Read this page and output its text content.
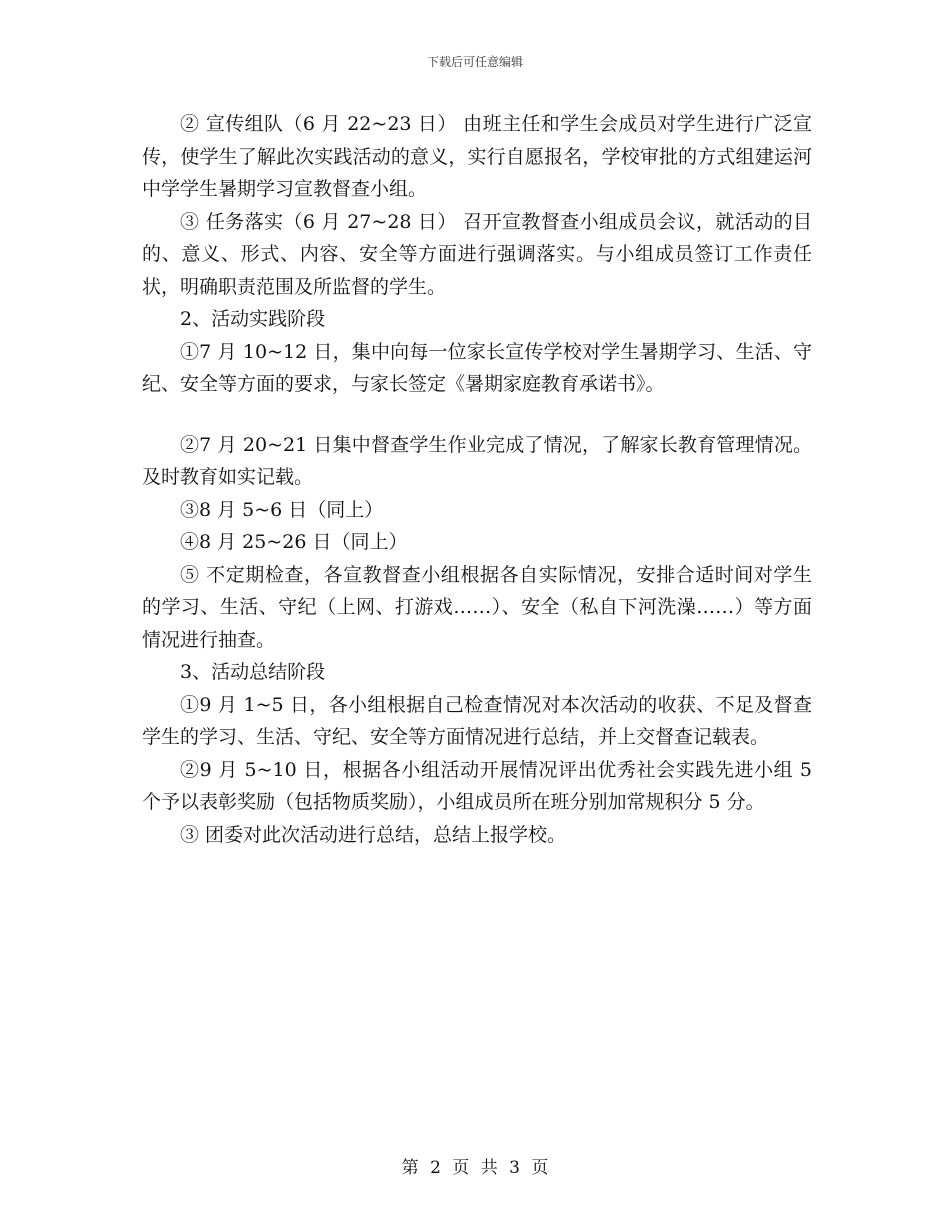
下载后可任意编辑

② 宣传组队（6 月 22~23 日） 由班主任和学生会成员对学生进行广泛宣传，使学生了解此次实践活动的意义，实行自愿报名，学校审批的方式组建运河中学学生暑期学习宣教督查小组。

③ 任务落实（6 月 27~28 日） 召开宣教督查小组成员会议，就活动的目的、意义、形式、内容、安全等方面进行强调落实。与小组成员签订工作责任状，明确职责范围及所监督的学生。

2、活动实践阶段

①7 月 10~12 日，集中向每一位家长宣传学校对学生暑期学习、生活、守纪、安全等方面的要求，与家长签定《暑期家庭教育承诺书》。

②7 月 20~21 日集中督查学生作业完成了情况，了解家长教育管理情况。及时教育如实记载。

③8 月 5~6 日（同上）

④8 月 25~26 日（同上）

⑤ 不定期检查，各宣教督查小组根据各自实际情况，安排合适时间对学生的学习、生活、守纪（上网、打游戏……）、安全（私自下河洗澡……）等方面情况进行抽查。

3、活动总结阶段

①9 月 1~5 日，各小组根据自己检查情况对本次活动的收获、不足及督查学生的学习、生活、守纪、安全等方面情况进行总结，并上交督查记载表。

②9 月 5~10 日，根据各小组活动开展情况评出优秀社会实践先进小组 5 个予以表彰奖励（包括物质奖励），小组成员所在班分别加常规积分 5 分。

③ 团委对此次活动进行总结，总结上报学校。

第 2 页 共 3 页
